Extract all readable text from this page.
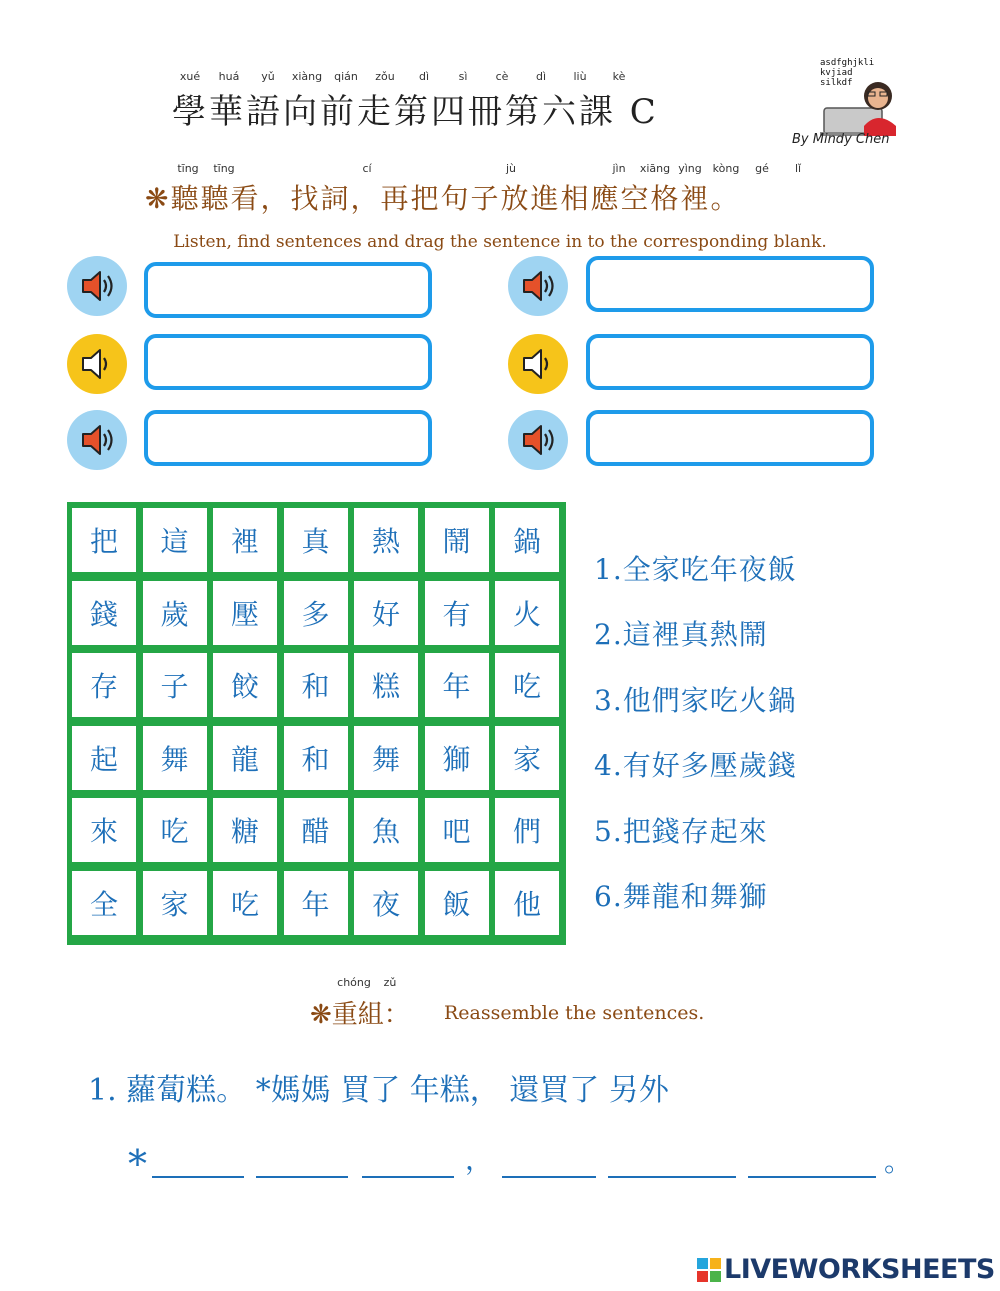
xué huá yǔ xiàng qián zǒu dì	sì	cè	dì liù kè
學華語向前走第四冊第六課 C
asdfghjkli
kvjiad
silkdf
By Mindy Chen
tīng tīng	cí	jù	jìn xiāng yìng kòng gé lǐ
❋聽聽看，找詞，再把句子放進相應空格裡。
Listen, find sentences and drag the sentence in to the corresponding blank.
把	這	裡	真	熱	鬧	鍋
錢	歲	壓	多	好	有	火
存	子	餃	和	糕	年	吃
起	舞	龍	和	舞	獅	家
來	吃	糖	醋	魚	吧	們
全	家	吃	年	夜	飯	他
1.全家吃年夜飯
2.這裡真熱鬧
3.他們家吃火鍋
4.有好多壓歲錢
5.把錢存起來
6.舞龍和舞獅
chóng zǔ
❋重組： Reassemble the sentences.
1. 蘿蔔糕。 *媽媽 買了 年糕， 還買了 另外
*	，	。
LIVEWORKSHEETS
